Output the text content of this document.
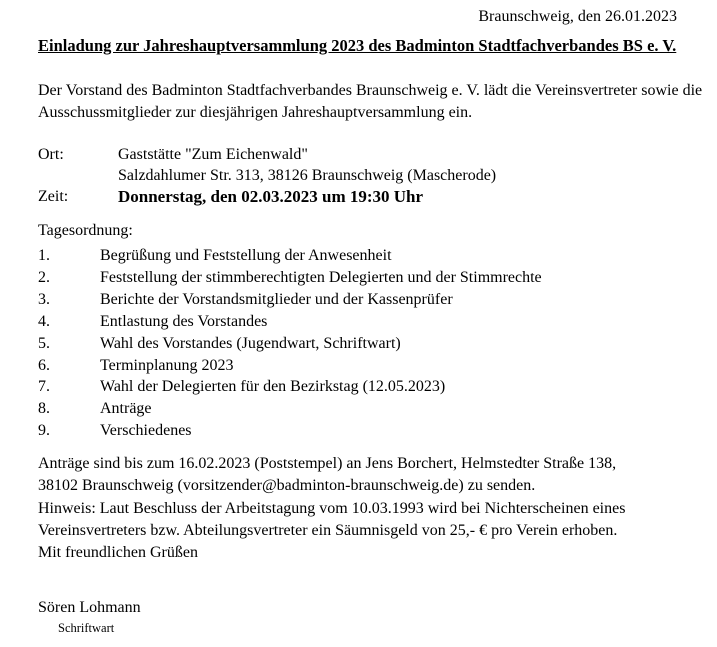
Braunschweig, den 26.01.2023
Einladung zur Jahreshauptversammlung 2023 des Badminton Stadtfachverbandes BS e. V.
Der Vorstand des Badminton Stadtfachverbandes Braunschweig e. V. lädt die Vereinsvertreter sowie die
Ausschussmitglieder zur diesjährigen Jahreshauptversammlung ein.
Ort:	Gaststätte "Zum Eichenwald"
Salzdahlumer Str. 313, 38126 Braunschweig (Mascherode)
Zeit:	Donnerstag, den 02.03.2023 um 19:30 Uhr
Tagesordnung:
1.	Begrüßung und Feststellung der Anwesenheit
2.	Feststellung der stimmberechtigten Delegierten und der Stimmrechte
3.	Berichte der Vorstandsmitglieder und der Kassenprüfer
4.	Entlastung des Vorstandes
5.	Wahl des Vorstandes (Jugendwart, Schriftwart)
6.	Terminplanung 2023
7.	Wahl der Delegierten für den Bezirkstag (12.05.2023)
8.	Anträge
9.	Verschiedenes
Anträge sind bis zum 16.02.2023 (Poststempel) an Jens Borchert, Helmstedter Straße 138,
38102 Braunschweig (vorsitzender@badminton-braunschweig.de) zu senden.
Hinweis: Laut Beschluss der Arbeitstagung vom 10.03.1993 wird bei Nichterscheinen eines
Vereinsvertreters bzw. Abteilungsvertreter ein Säumnisgeld von 25,- € pro Verein erhoben.
Mit freundlichen Grüßen
Sören Lohmann
Schriftwart
